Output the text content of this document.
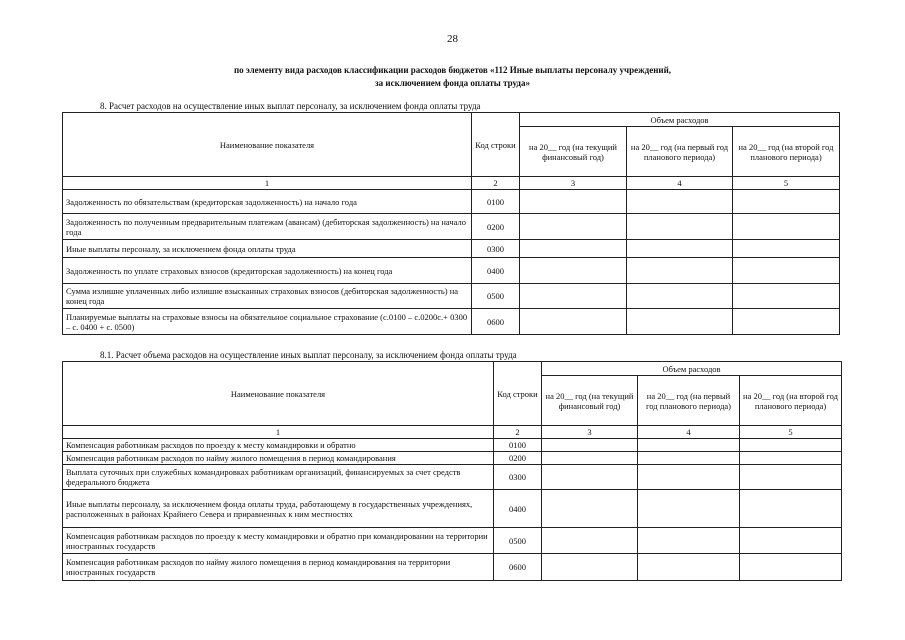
28
по элементу вида расходов классификации расходов бюджетов «112 Иные выплаты персоналу учреждений,
за исключением фонда оплаты труда»
8. Расчет расходов на осуществление иных выплат персоналу, за исключением фонда оплаты труда
Наименование показателя	Код строки	Объем расходов		
		на 20__ год (на текущий финансовый год)	на 20__ год (на первый год планового периода)	на 20__ год (на второй год планового периода)
1	2	3	4	5
Задолженность по обязательствам (кредиторская задолженность) на начало года	0100			
Задолженность по полученным предварительным платежам (авансам) (дебиторская задолженность) на начало года	0200			
Иные выплаты персоналу, за исключением фонда оплаты труда	0300			
Задолженность по уплате страховых взносов (кредиторская задолженность) на конец года	0400			
Сумма излишне уплаченных либо излишне взысканных страховых взносов (дебиторская задолженность) на конец года	0500			
Планируемые выплаты на страховые взносы на обязательное социальное страхование (с.0100 – с.0200с.+ 0300 – с. 0400 + с. 0500)	0600			
8.1. Расчет объема расходов на осуществление иных выплат персоналу, за исключением фонда оплаты труда
Наименование показателя	Код строки	Объем расходов		
		на 20__ год (на текущий финансовый год)	на 20__ год (на первый год планового периода)	на 20__ год (на второй год планового периода)
1	2	3	4	5
Компенсация работникам расходов по проезду к месту командировки и обратно	0100			
Компенсация работникам расходов по найму жилого помещения в период командирования	0200			
Выплата суточных при служебных командировках работникам организаций, финансируемых за счет средств федерального бюджета	0300			
Иные выплаты персоналу, за исключением фонда оплаты труда, работающему в государственных учреждениях, расположенных в районах Крайнего Севера и приравненных к ним местностях	0400			
Компенсация работникам расходов по проезду к месту командировки и обратно при командировании на территории иностранных государств	0500			
Компенсация работникам расходов по найму жилого помещения в период командирования на территории иностранных государств	0600			
